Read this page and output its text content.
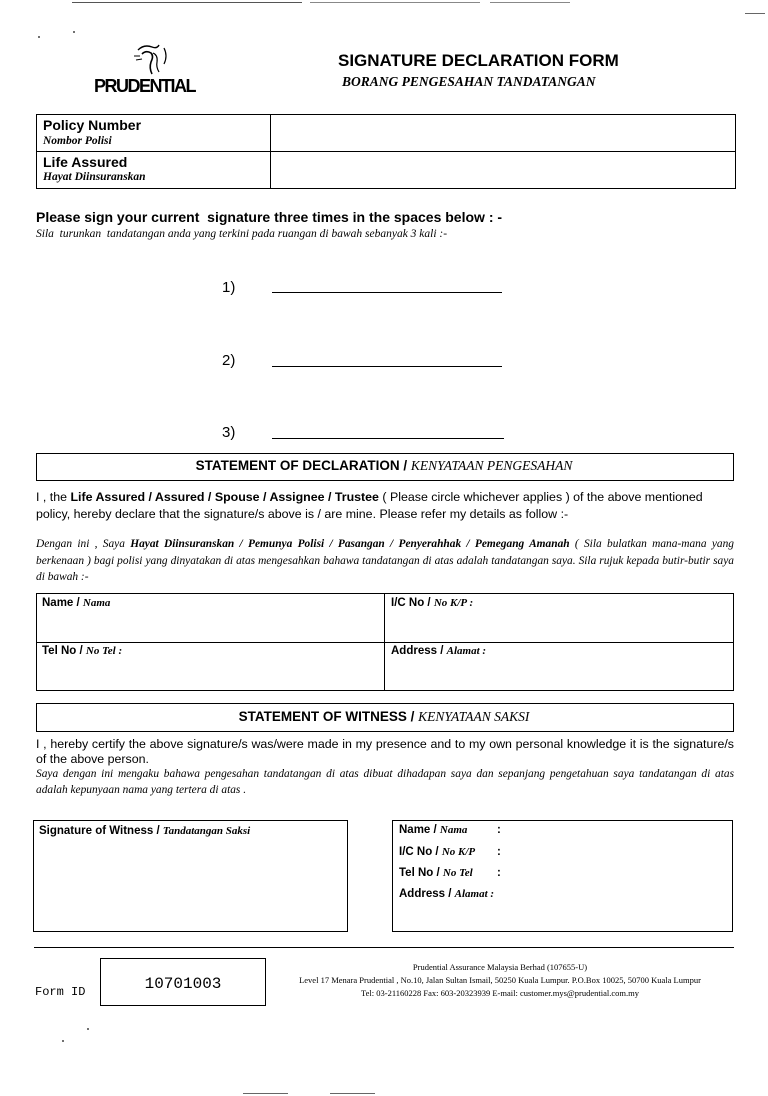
PRUDENTIAL
SIGNATURE DECLARATION FORM
BORANG PENGESAHAN TANDATANGAN
Policy Number
Nombor Polisi
Life Assured
Hayat Diinsuranskan
Please sign your current  signature three times in the spaces below : -
Sila  turunkan  tandatangan anda yang terkini pada ruangan di bawah sebanyak 3 kali :-
1)
2)
3)
STATEMENT OF DECLARATION / KENYATAAN PENGESAHAN
I , the Life Assured / Assured / Spouse / Assignee / Trustee ( Please circle whichever applies ) of the above mentioned
policy, hereby declare that the signature/s above is / are mine. Please refer my details as follow :-
Dengan ini , Saya Hayat Diinsuranskan / Pemunya Polisi / Pasangan / Penyerahhak / Pemegang Amanah ( Sila bulatkan mana-mana yang berkenaan ) bagi polisi yang dinyatakan di atas mengesahkan bahawa tandatangan di atas adalah tandatangan saya. Sila rujuk kepada butir-butir saya di bawah :-
Name / Nama	I/C No / No K/P :
Tel No / No Tel :	Address / Alamat :
STATEMENT OF WITNESS / KENYATAAN SAKSI
I , hereby certify the above signature/s was/were made in my presence and to my own personal knowledge it is the signature/s of the above person.
Saya dengan ini mengaku bahawa pengesahan tandatangan di atas dibuat dihadapan saya dan sepanjang pengetahuan saya tandatangan di atas adalah kepunyaan nama yang tertera di atas .
Signature of Witness / Tandatangan Saksi	Name / Nama	:
I/C No / No K/P :
Tel No / No Tel :
Address / Alamat :
Form ID	10701003
Prudential Assurance Malaysia Berhad (107655-U)
Level 17 Menara Prudential , No.10, Jalan Sultan Ismail, 50250 Kuala Lumpur. P.O.Box 10025, 50700 Kuala Lumpur
Tel: 03-21160228 Fax: 603-20323939 E-mail: customer.mys@prudential.com.my
